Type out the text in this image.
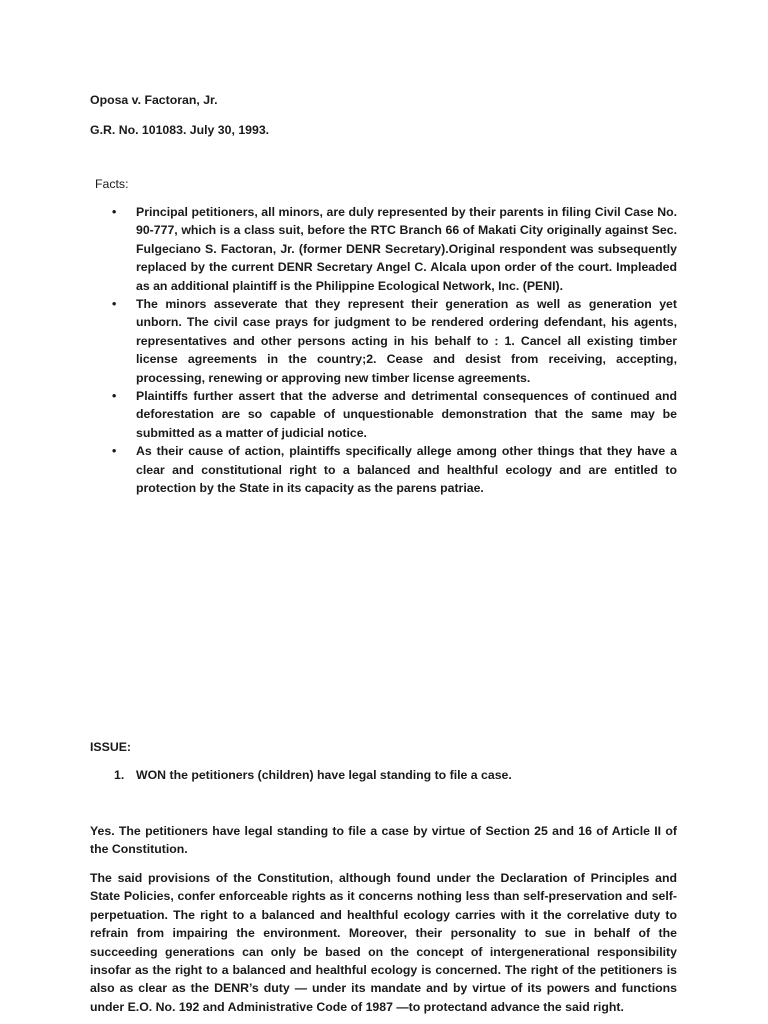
Oposa v. Factoran, Jr.
G.R. No. 101083. July 30, 1993.
Facts:
• Principal petitioners, all minors, are duly represented by their parents in filing Civil Case No. 90-777, which is a class suit, before the RTC Branch 66 of Makati City originally against Sec. Fulgeciano S. Factoran, Jr. (former DENR Secretary).Original respondent was subsequently replaced by the current DENR Secretary Angel C. Alcala upon order of the court. Impleaded as an additional plaintiff is the Philippine Ecological Network, Inc. (PENI).
• The minors asseverate that they represent their generation as well as generation yet unborn. The civil case prays for judgment to be rendered ordering defendant, his agents, representatives and other persons acting in his behalf to : 1. Cancel all existing timber license agreements in the country;2. Cease and desist from receiving, accepting, processing, renewing or approving new timber license agreements.
• Plaintiffs further assert that the adverse and detrimental consequences of continued and deforestation are so capable of unquestionable demonstration that the same may be submitted as a matter of judicial notice.
• As their cause of action, plaintiffs specifically allege among other things that they have a clear and constitutional right to a balanced and healthful ecology and are entitled to protection by the State in its capacity as the parens patriae.
ISSUE:
1. WON the petitioners (children) have legal standing to file a case.

Yes. The petitioners have legal standing to file a case by virtue of Section 25 and 16 of Article II of the Constitution.

The said provisions of the Constitution, although found under the Declaration of Principles and State Policies, confer enforceable rights as it concerns nothing less than self-preservation and self-perpetuation. The right to a balanced and healthful ecology carries with it the correlative duty to refrain from impairing the environment. Moreover, their personality to sue in behalf of the succeeding generations can only be based on the concept of intergenerational responsibility insofar as the right to a balanced and healthful ecology is concerned. The right of the petitioners is also as clear as the DENR’s duty — under its mandate and by virtue of its powers and functions under E.O. No. 192 and Administrative Code of 1987 —to protectand advance the said right.
